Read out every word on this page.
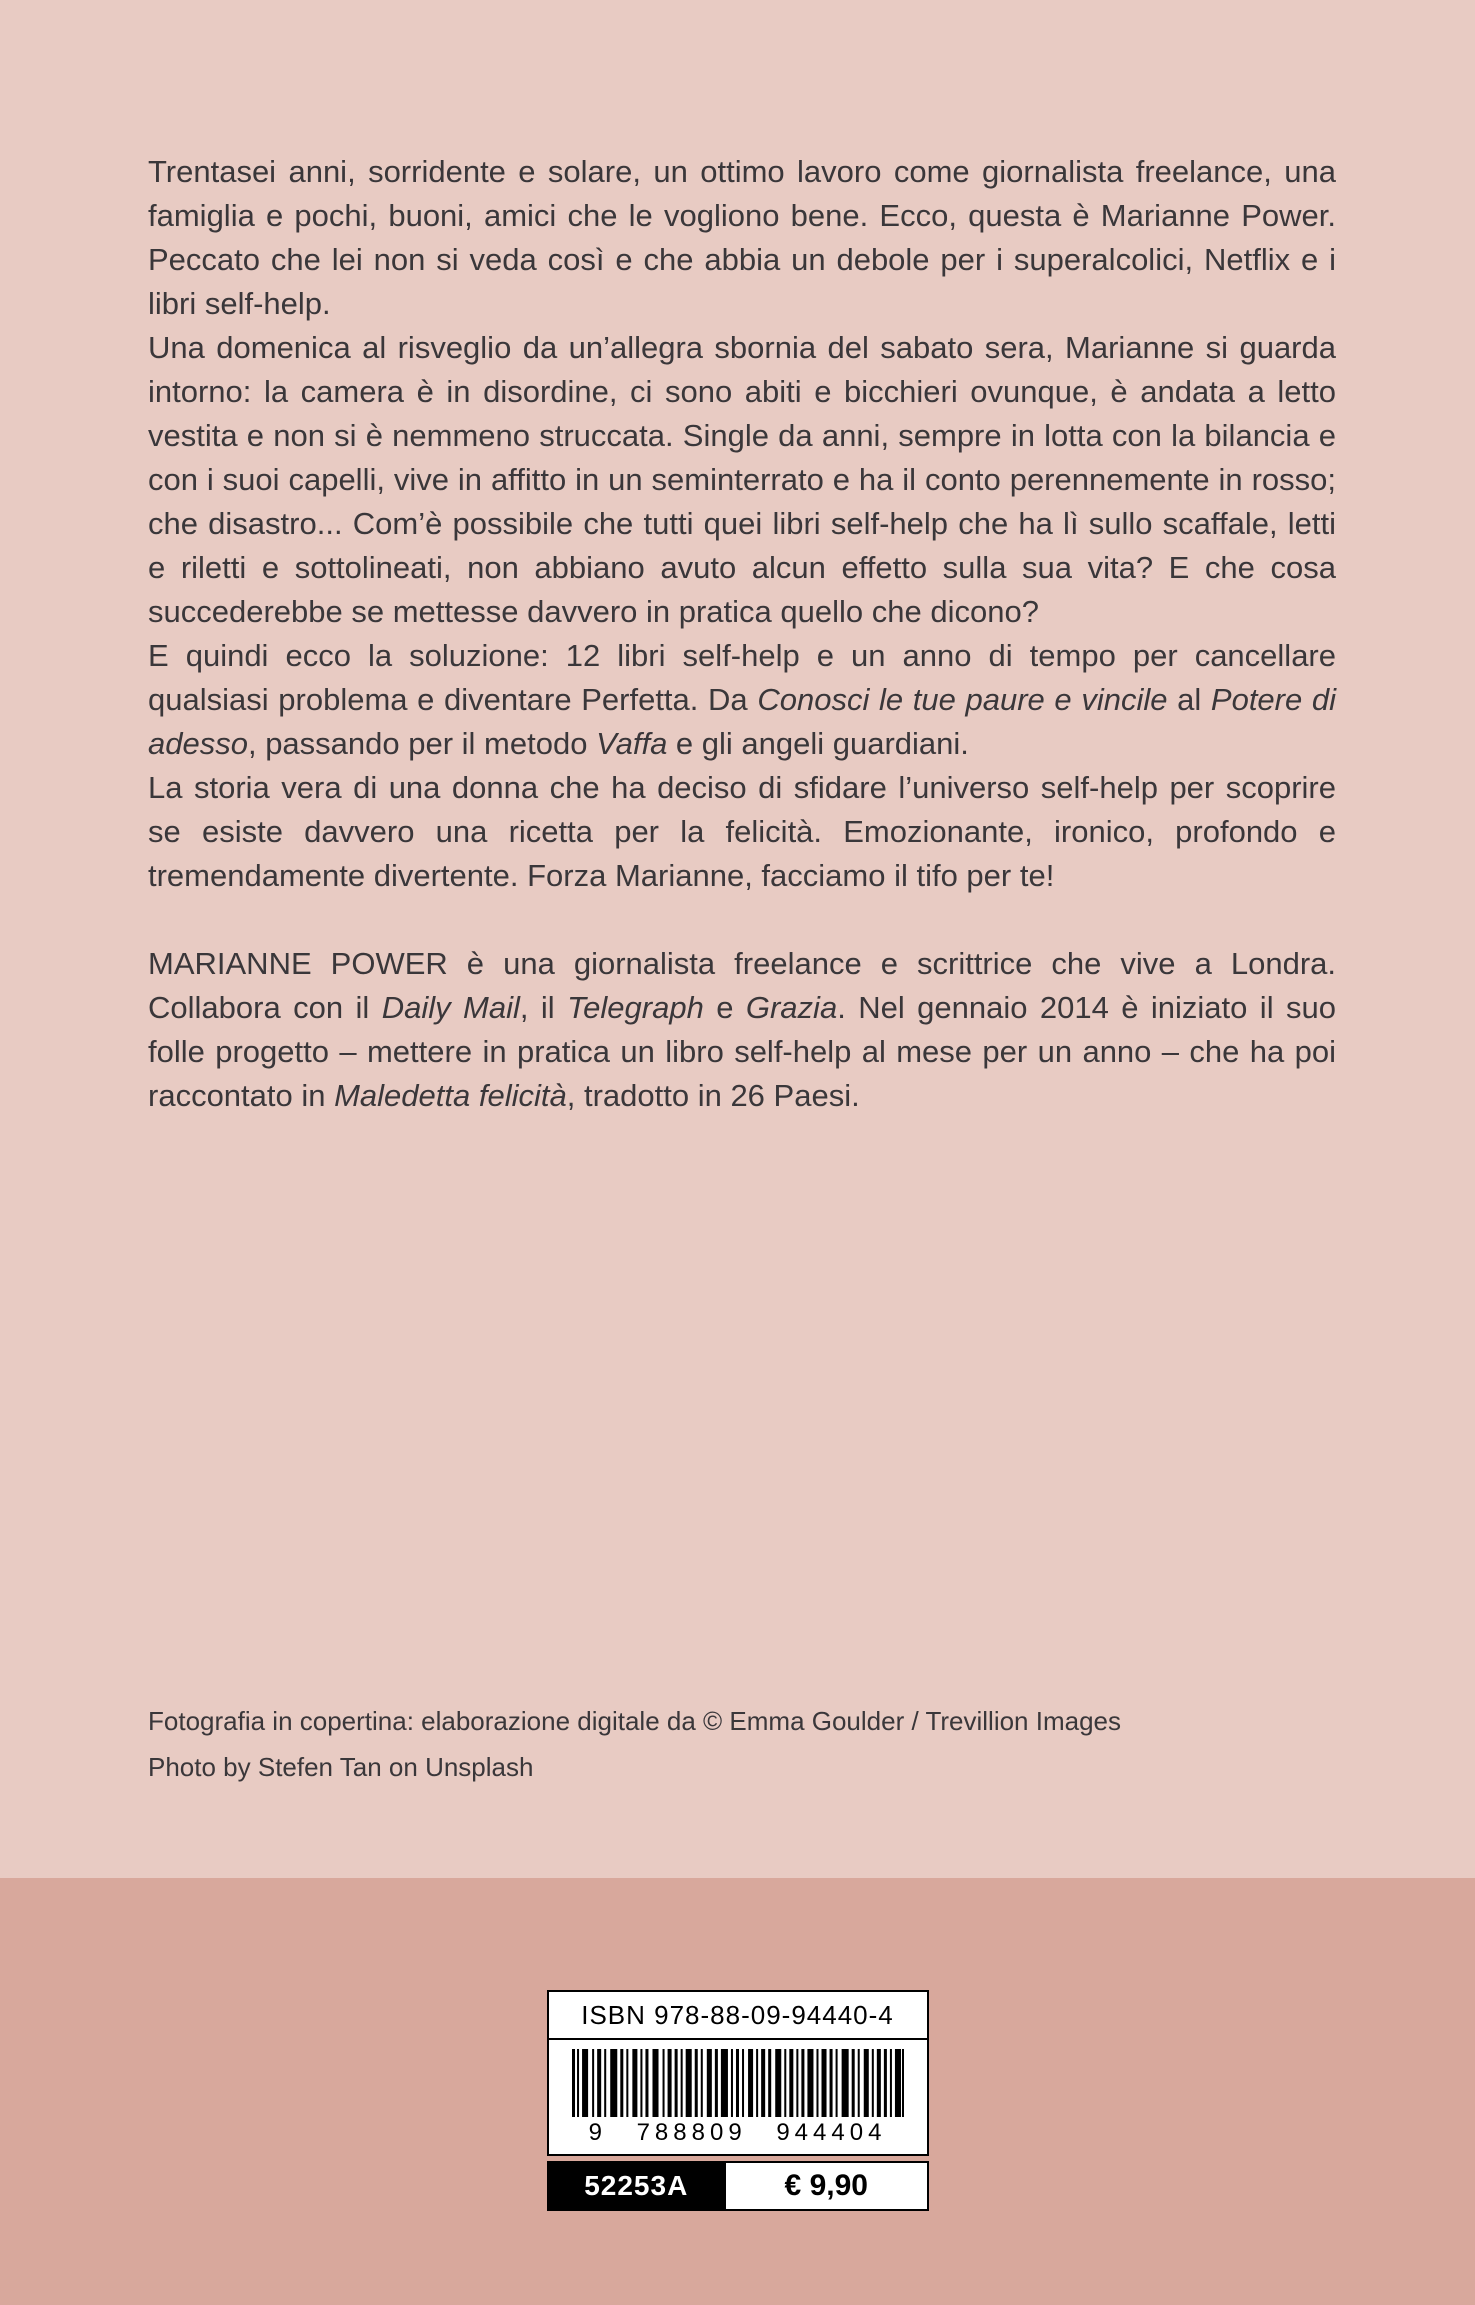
Trentasei anni, sorridente e solare, un ottimo lavoro come giornalista freelance, una famiglia e pochi, buoni, amici che le vogliono bene. Ecco, questa è Marianne Power. Peccato che lei non si veda così e che abbia un debole per i superalcolici, Netflix e i libri self-help.

Una domenica al risveglio da un’allegra sbornia del sabato sera, Marianne si guarda intorno: la camera è in disordine, ci sono abiti e bicchieri ovunque, è andata a letto vestita e non si è nemmeno struccata. Single da anni, sempre in lotta con la bilancia e con i suoi capelli, vive in affitto in un seminterrato e ha il conto perennemente in rosso; che disastro... Com’è possibile che tutti quei libri self-help che ha lì sullo scaffale, letti e riletti e sottolineati, non abbiano avuto alcun effetto sulla sua vita? E che cosa succederebbe se mettesse davvero in pratica quello che dicono?

E quindi ecco la soluzione: 12 libri self-help e un anno di tempo per cancellare qualsiasi problema e diventare Perfetta. Da Conosci le tue paure e vincile al Potere di adesso, passando per il metodo Vaffa e gli angeli guardiani.

La storia vera di una donna che ha deciso di sfidare l’universo self-help per scoprire se esiste davvero una ricetta per la felicità. Emozionante, ironico, profondo e tremendamente divertente. Forza Marianne, facciamo il tifo per te!

MARIANNE POWER è una giornalista freelance e scrittrice che vive a Londra. Collabora con il Daily Mail, il Telegraph e Grazia. Nel gennaio 2014 è iniziato il suo folle progetto – mettere in pratica un libro self-help al mese per un anno – che ha poi raccontato in Maledetta felicità, tradotto in 26 Paesi.

Fotografia in copertina: elaborazione digitale da © Emma Goulder / Trevillion Images
Photo by Stefen Tan on Unsplash
ISBN 978-88-09-94440-4
9 788809 944404
52253A	€ 9,90
